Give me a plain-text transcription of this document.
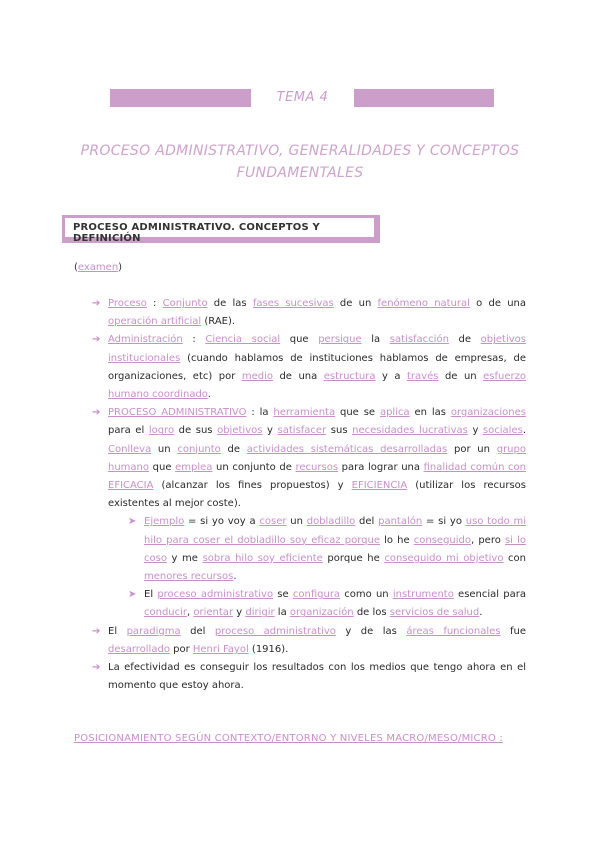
TEMA 4
PROCESO ADMINISTRATIVO, GENERALIDADES Y CONCEPTOS
FUNDAMENTALES
PROCESO ADMINISTRATIVO. CONCEPTOS Y DEFINICIÓN
(examen)
➔ Proceso : Conjunto de las fases sucesivas de un fenómeno natural o de una operación artificial (RAE).
➔ Administración : Ciencia social que persigue la satisfacción de objetivos institucionales (cuando hablamos de instituciones hablamos de empresas, de organizaciones, etc) por medio de una estructura y a través de un esfuerzo humano coordinado.
➔ PROCESO ADMINISTRATIVO : la herramienta que se aplica en las organizaciones para el logro de sus objetivos y satisfacer sus necesidades lucrativas y sociales. Conlleva un conjunto de actividades sistemáticas desarrolladas por un grupo humano que emplea un conjunto de recursos para lograr una finalidad común con EFICACIA (alcanzar los fines propuestos) y EFICIENCIA (utilizar los recursos existentes al mejor coste).
➤ Ejemplo = si yo voy a coser un dobladillo del pantalón = si yo uso todo mi hilo para coser el dobladillo soy eficaz porque lo he conseguido, pero si lo coso y me sobra hilo soy eficiente porque he conseguido mi objetivo con menores recursos.
➤ El proceso administrativo se configura como un instrumento esencial para conducir, orientar y dirigir la organización de los servicios de salud.
➔ El paradigma del proceso administrativo y de las áreas funcionales fue desarrollado por Henri Fayol (1916).
➔ La efectividad es conseguir los resultados con los medios que tengo ahora en el momento que estoy ahora.
POSICIONAMIENTO SEGÚN CONTEXTO/ENTORNO Y NIVELES MACRO/MESO/MICRO :
